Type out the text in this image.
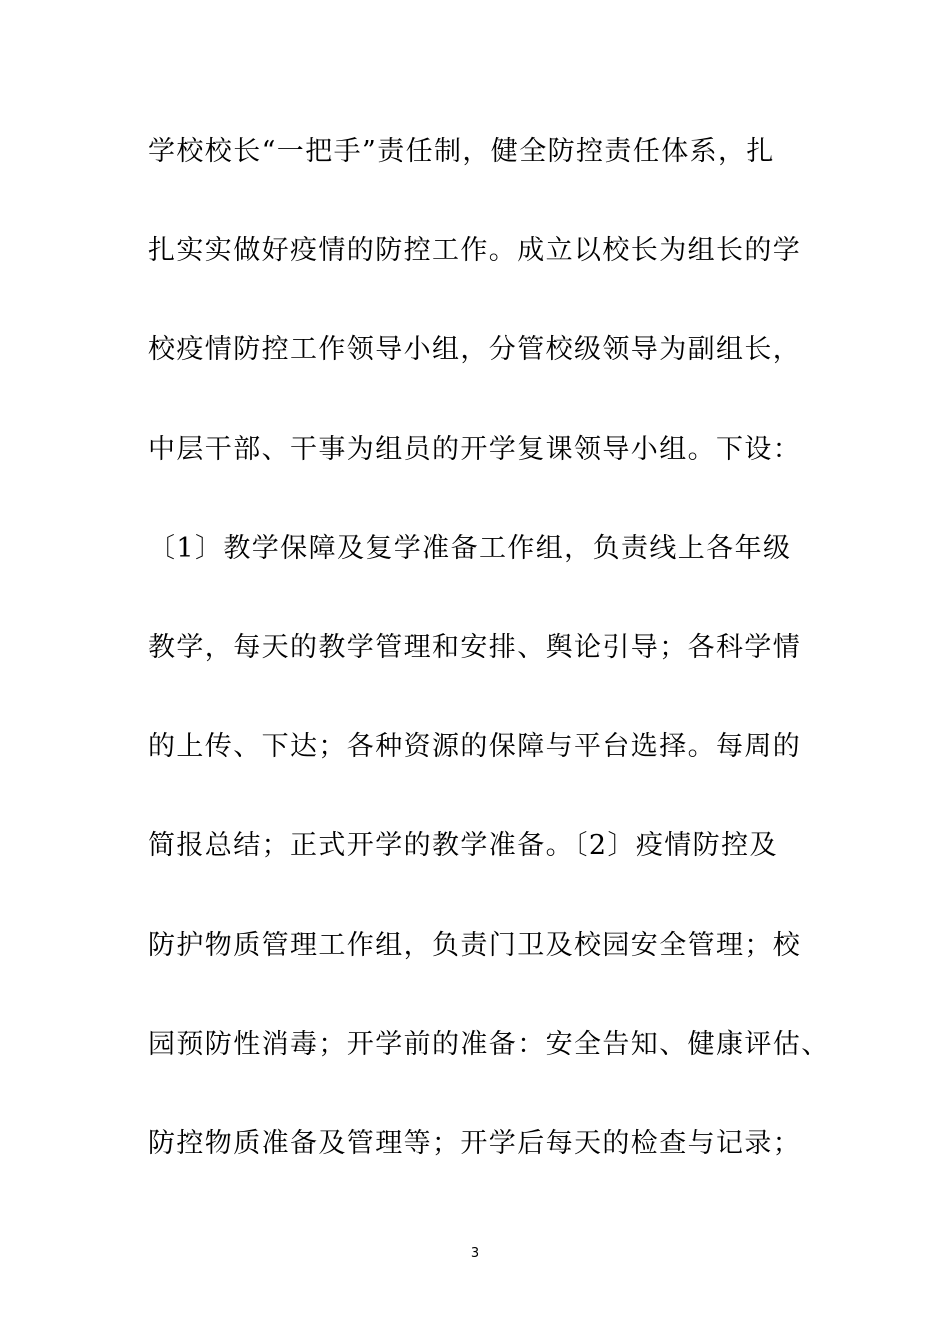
学校校长“一把手”责任制，健全防控责任体系，扎
扎实实做好疫情的防控工作。成立以校长为组长的学
校疫情防控工作领导小组，分管校级领导为副组长，
中层干部、干事为组员的开学复课领导小组。下设：
〔1〕教学保障及复学准备工作组，负责线上各年级
教学，每天的教学管理和安排、舆论引导；各科学情
的上传、下达；各种资源的保障与平台选择。每周的
简报总结；正式开学的教学准备。〔2〕疫情防控及
防护物质管理工作组，负责门卫及校园安全管理；校
园预防性消毒；开学前的准备：安全告知、健康评估、
防控物质准备及管理等；开学后每天的检查与记录；
3
